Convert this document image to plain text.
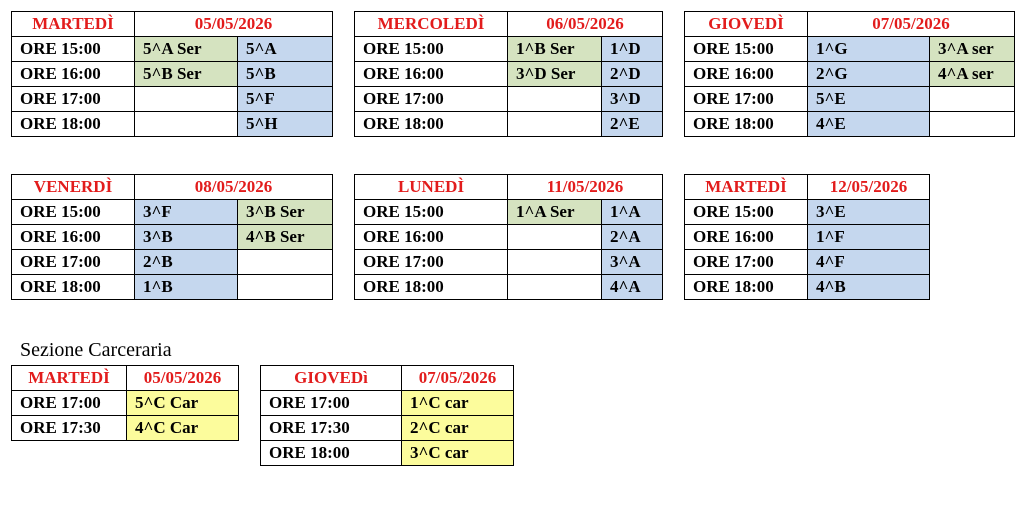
MARTEDÌ	05/05/2026	
ORE 15:00	5^A Ser	5^A
ORE 16:00	5^B Ser	5^B
ORE 17:00		5^F
ORE 18:00		5^H
MERCOLEDÌ	06/05/2026	
ORE 15:00	1^B Ser	1^D
ORE 16:00	3^D Ser	2^D
ORE 17:00		3^D
ORE 18:00		2^E
GIOVEDÌ	07/05/2026	
ORE 15:00	1^G	3^A ser
ORE 16:00	2^G	4^A ser
ORE 17:00	5^E	
ORE 18:00	4^E	
VENERDÌ	08/05/2026	
ORE 15:00	3^F	3^B Ser
ORE 16:00	3^B	4^B Ser
ORE 17:00	2^B	
ORE 18:00	1^B	
LUNEDÌ	11/05/2026	
ORE 15:00	1^A Ser	1^A
ORE 16:00		2^A
ORE 17:00		3^A
ORE 18:00		4^A
MARTEDÌ	12/05/2026
ORE 15:00	3^E
ORE 16:00	1^F
ORE 17:00	4^F
ORE 18:00	4^B
Sezione Carceraria
MARTEDÌ	05/05/2026
ORE 17:00	5^C Car
ORE 17:30	4^C Car
GIOVEDì	07/05/2026
ORE 17:00	1^C car
ORE 17:30	2^C car
ORE 18:00	3^C car
